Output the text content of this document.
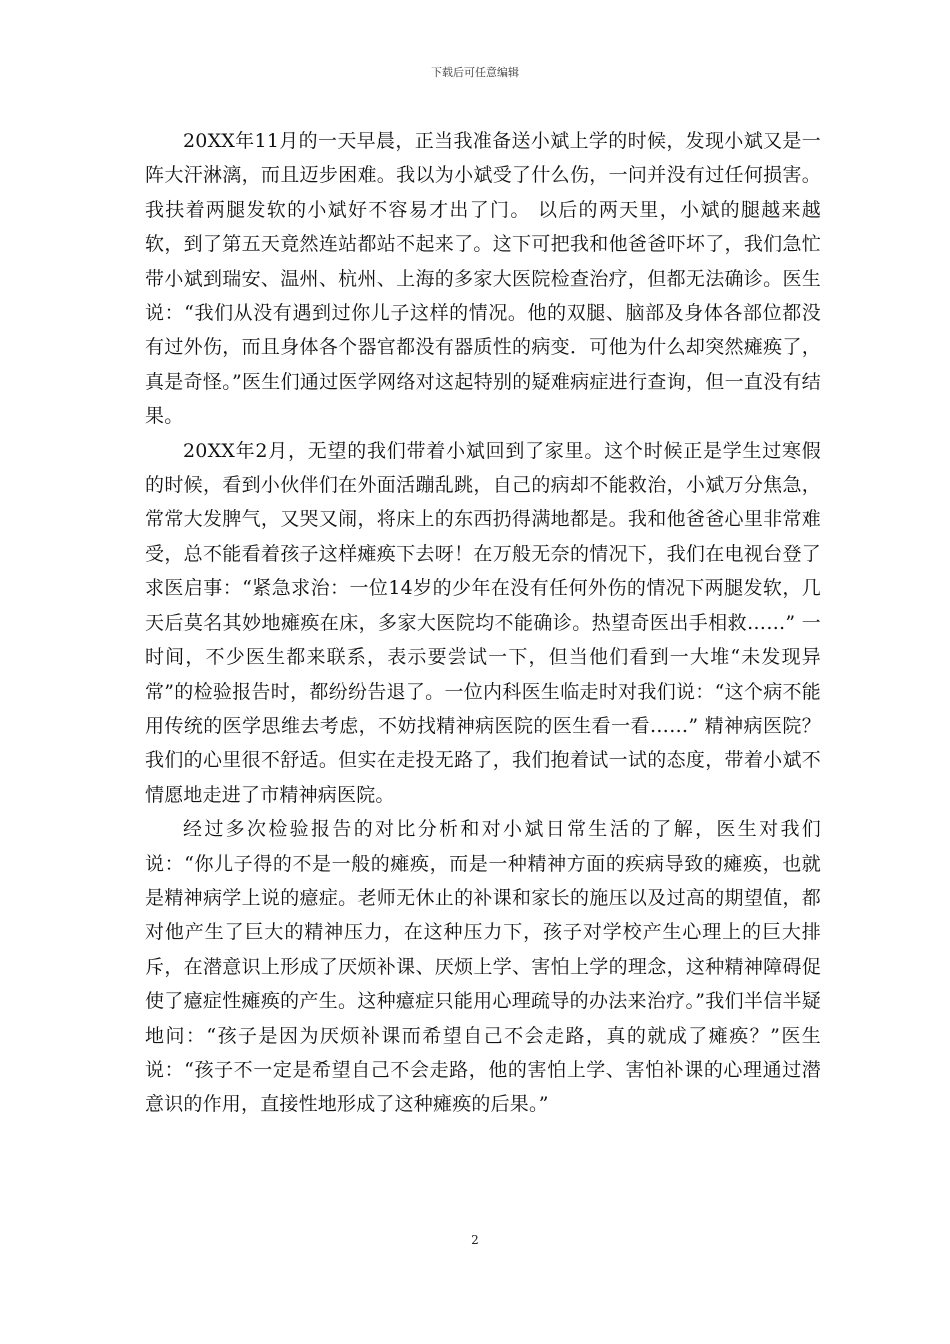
下载后可任意编辑

20XX年11月的一天早晨，正当我准备送小斌上学的时候，发现小斌又是一阵大汗淋漓，而且迈步困难。我以为小斌受了什么伤，一问并没有过任何损害。我扶着两腿发软的小斌好不容易才出了门。 以后的两天里，小斌的腿越来越软，到了第五天竟然连站都站不起来了。这下可把我和他爸爸吓坏了，我们急忙带小斌到瑞安、温州、杭州、上海的多家大医院检查治疗，但都无法确诊。医生说：“我们从没有遇到过你儿子这样的情况。他的双腿、脑部及身体各部位都没有过外伤，而且身体各个器官都没有器质性的病变．可他为什么却突然瘫痪了，真是奇怪。”医生们通过医学网络对这起特别的疑难病症进行查询，但一直没有结果。

20XX年2月，无望的我们带着小斌回到了家里。这个时候正是学生过寒假的时候，看到小伙伴们在外面活蹦乱跳，自己的病却不能救治，小斌万分焦急，常常大发脾气，又哭又闹，将床上的东西扔得满地都是。我和他爸爸心里非常难受，总不能看着孩子这样瘫痪下去呀！在万般无奈的情况下，我们在电视台登了求医启事：“紧急求治：一位14岁的少年在没有任何外伤的情况下两腿发软，几天后莫名其妙地瘫痪在床，多家大医院均不能确诊。热望奇医出手相救……” 一时间，不少医生都来联系，表示要尝试一下，但当他们看到一大堆“未发现异常”的检验报告时，都纷纷告退了。一位内科医生临走时对我们说：“这个病不能用传统的医学思维去考虑，不妨找精神病医院的医生看一看……” 精神病医院？我们的心里很不舒适。但实在走投无路了，我们抱着试一试的态度，带着小斌不情愿地走进了市精神病医院。

经过多次检验报告的对比分析和对小斌日常生活的了解，医生对我们说：“你儿子得的不是一般的瘫痪，而是一种精神方面的疾病导致的瘫痪，也就是精神病学上说的癔症。老师无休止的补课和家长的施压以及过高的期望值，都对他产生了巨大的精神压力，在这种压力下，孩子对学校产生心理上的巨大排斥，在潜意识上形成了厌烦补课、厌烦上学、害怕上学的理念，这种精神障碍促使了癔症性瘫痪的产生。这种癔症只能用心理疏导的办法来治疗。”我们半信半疑地问：“孩子是因为厌烦补课而希望自己不会走路，真的就成了瘫痪？”医生说：“孩子不一定是希望自己不会走路，他的害怕上学、害怕补课的心理通过潜意识的作用，直接性地形成了这种瘫痪的后果。”

2
